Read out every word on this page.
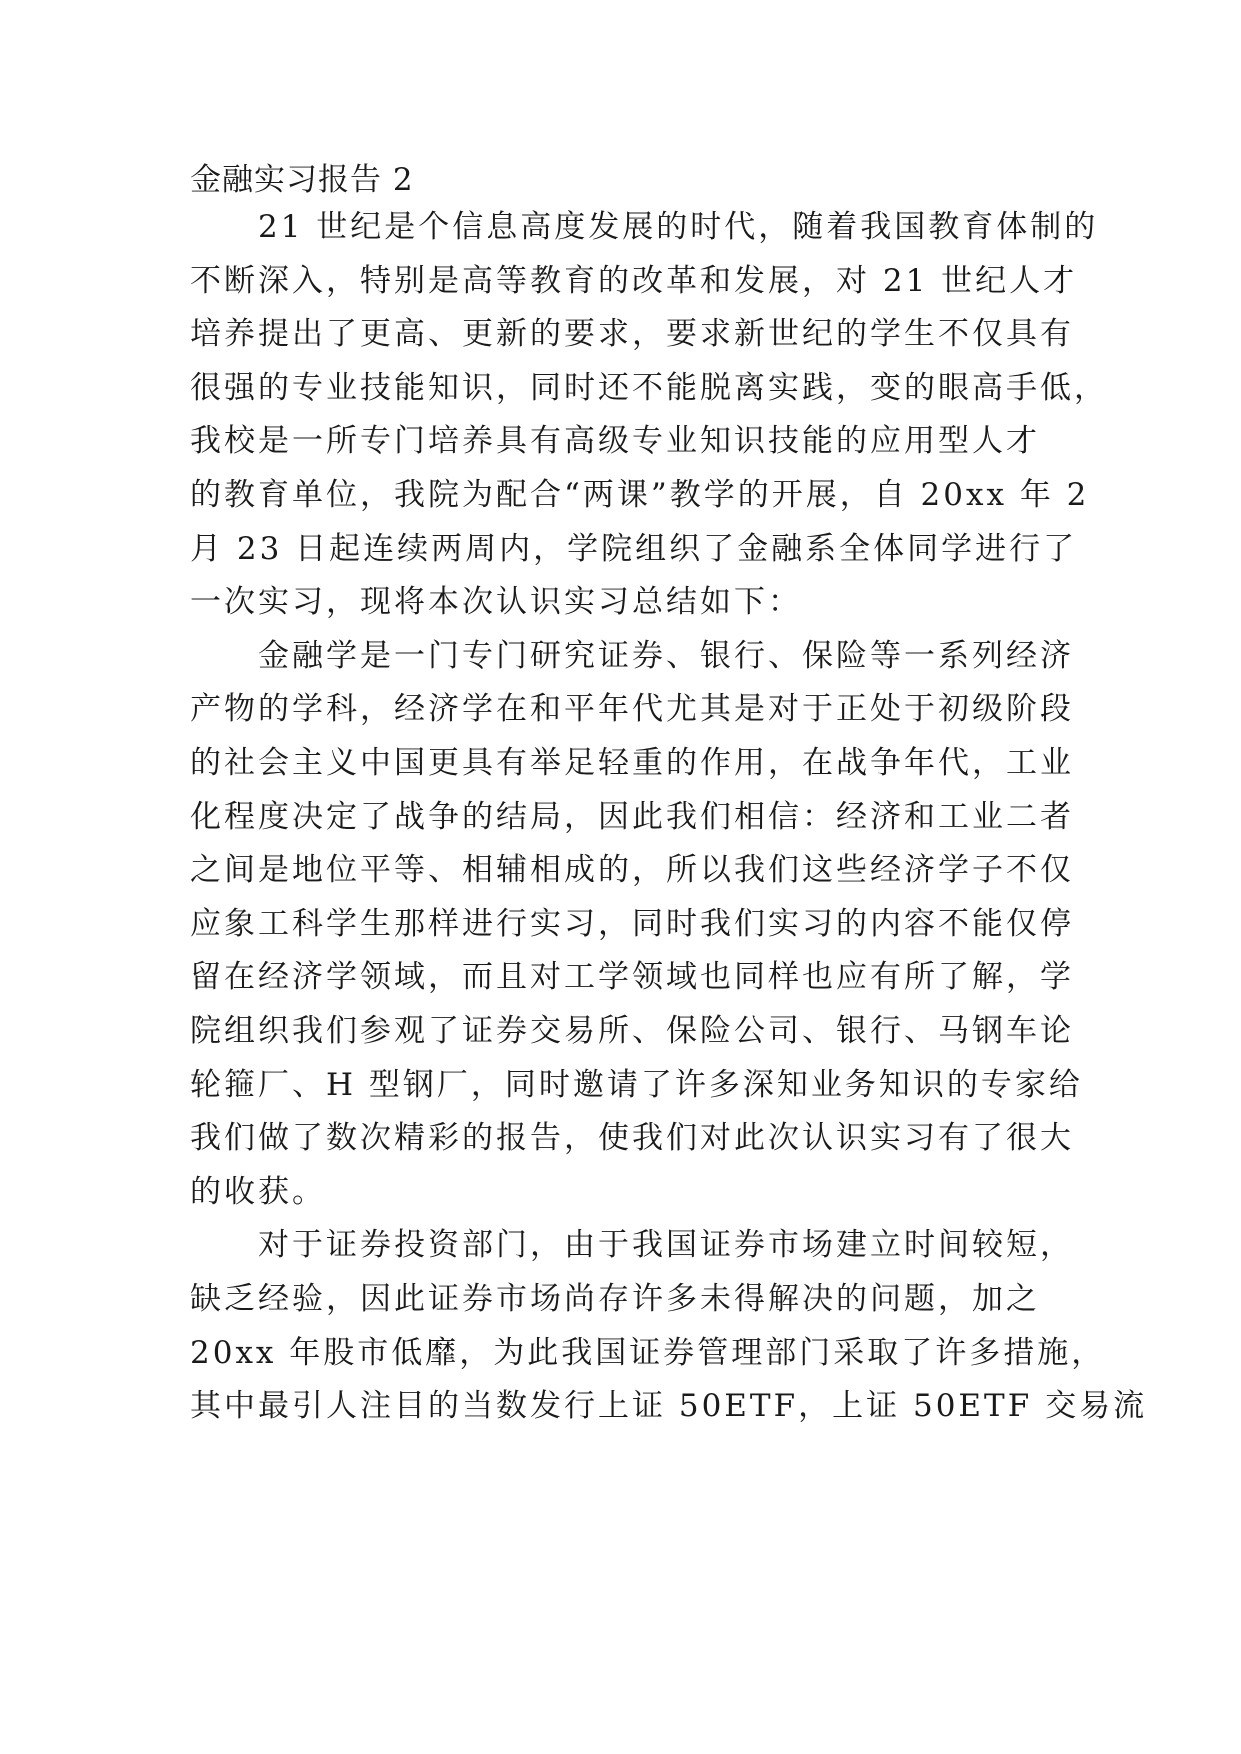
金融实习报告 2
　　21 世纪是个信息高度发展的时代，随着我国教育体制的
不断深入，特别是高等教育的改革和发展，对 21 世纪人才
培养提出了更高、更新的要求，要求新世纪的学生不仅具有
很强的专业技能知识，同时还不能脱离实践，变的眼高手低，
我校是一所专门培养具有高级专业知识技能的应用型人才
的教育单位，我院为配合“两课”教学的开展，自 20xx 年 2
月 23 日起连续两周内，学院组织了金融系全体同学进行了
一次实习，现将本次认识实习总结如下：
　　金融学是一门专门研究证券、银行、保险等一系列经济
产物的学科，经济学在和平年代尤其是对于正处于初级阶段
的社会主义中国更具有举足轻重的作用，在战争年代，工业
化程度决定了战争的结局，因此我们相信：经济和工业二者
之间是地位平等、相辅相成的，所以我们这些经济学子不仅
应象工科学生那样进行实习，同时我们实习的内容不能仅停
留在经济学领域，而且对工学领域也同样也应有所了解，学
院组织我们参观了证券交易所、保险公司、银行、马钢车论
轮箍厂、H 型钢厂，同时邀请了许多深知业务知识的专家给
我们做了数次精彩的报告，使我们对此次认识实习有了很大
的收获。
　　对于证券投资部门，由于我国证券市场建立时间较短，
缺乏经验，因此证券市场尚存许多未得解决的问题，加之
20xx 年股市低靡，为此我国证券管理部门采取了许多措施，
其中最引人注目的当数发行上证 50ETF，上证 50ETF 交易流
